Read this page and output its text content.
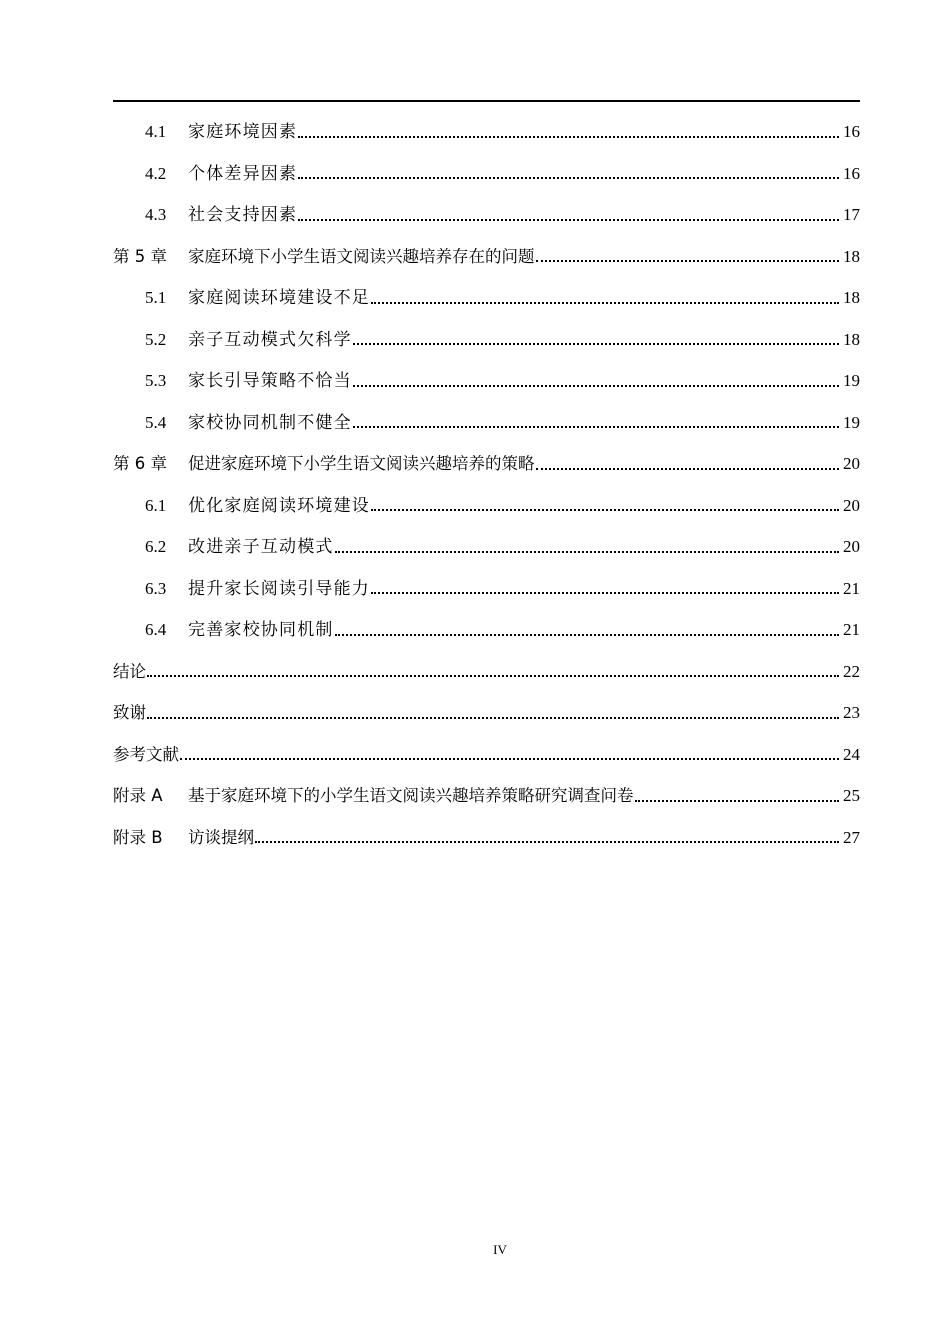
4.1	家庭环境因素	16
4.2	个体差异因素	16
4.3	社会支持因素	17
第 5 章	家庭环境下小学生语文阅读兴趣培养存在的问题	18
5.1	家庭阅读环境建设不足	18
5.2	亲子互动模式欠科学	18
5.3	家长引导策略不恰当	19
5.4	家校协同机制不健全	19
第 6 章	促进家庭环境下小学生语文阅读兴趣培养的策略	20
6.1	优化家庭阅读环境建设	20
6.2	改进亲子互动模式	20
6.3	提升家长阅读引导能力	21
6.4	完善家校协同机制	21
结论	22
致谢	23
参考文献	24
附录 A	基于家庭环境下的小学生语文阅读兴趣培养策略研究调查问卷	25
附录 B	访谈提纲	27
IV
